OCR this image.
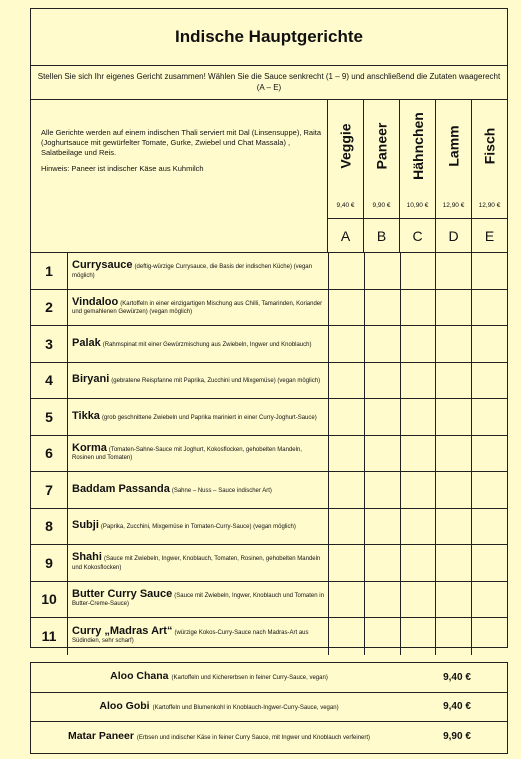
Indische Hauptgerichte
Stellen Sie sich Ihr eigenes Gericht zusammen! Wählen Sie die Sauce senkrecht (1 – 9) und anschließend die Zutaten waagerecht (A – E)

Alle Gerichte werden auf einem indischen Thali serviert mit Dal (Linsensuppe), Raita (Joghurtsauce mit gewürfelter Tomate, Gurke, Zwiebel und Chat Massala) , Salatbeilage und Reis.

Hinweis: Paneer ist indischer Käse aus Kuhmilch	Veggie
9,40 €
A
Paneer
9,90 €
B
Hähnchen
10,90 €
C
Lamm
12,90 €
D
Fisch
12,90 €
E
1	Currysauce (deftig-würzige Currysauce, die Basis der indischen Küche) (vegan möglich)
2	Vindaloo (Kartoffeln in einer einzigartigen Mischung aus Chilli, Tamarinden, Koriander und gemahlenen Gewürzen) (vegan möglich)
3	Palak (Rahmspinat mit einer Gewürzmischung aus Zwiebeln, Ingwer und Knoblauch)
4	Biryani (gebratene Reispfanne mit Paprika, Zucchini und Mixgemüse) (vegan möglich)
5	Tikka (grob geschnittene Zwiebeln und Paprika mariniert in einer Curry-Joghurt-Sauce)
6	Korma (Tomaten-Sahne-Sauce mit Joghurt, Kokosflocken, gehobelten Mandeln, Rosinen und Tomaten)
7	Baddam Passanda (Sahne – Nuss – Sauce indischer Art)
8	Subji (Paprika, Zucchini, Mixgemüse in Tomaten-Curry-Sauce) (vegan möglich)
9	Shahi (Sauce mit Zwiebeln, Ingwer, Knoblauch, Tomaten, Rosinen, gehobelten Mandeln und Kokosflocken)
10	Butter Curry Sauce (Sauce mit Zwiebeln, Ingwer, Knoblauch und Tomaten in Butter-Creme-Sauce)
11	Curry „Madras Art“ (würzige Kokos-Curry-Sauce nach Madras-Art aus Südindien, sehr scharf)
Aloo Chana (Kartoffeln und Kichererbsen in feiner Curry-Sauce, vegan)	9,40 €
Aloo Gobi (Kartoffeln und Blumenkohl in Knoblauch-Ingwer-Curry-Sauce, vegan)	9,40 €
Matar Paneer (Erbsen und indischer Käse in feiner Curry Sauce, mit Ingwer und Knoblauch verfeinert)	9,90 €
